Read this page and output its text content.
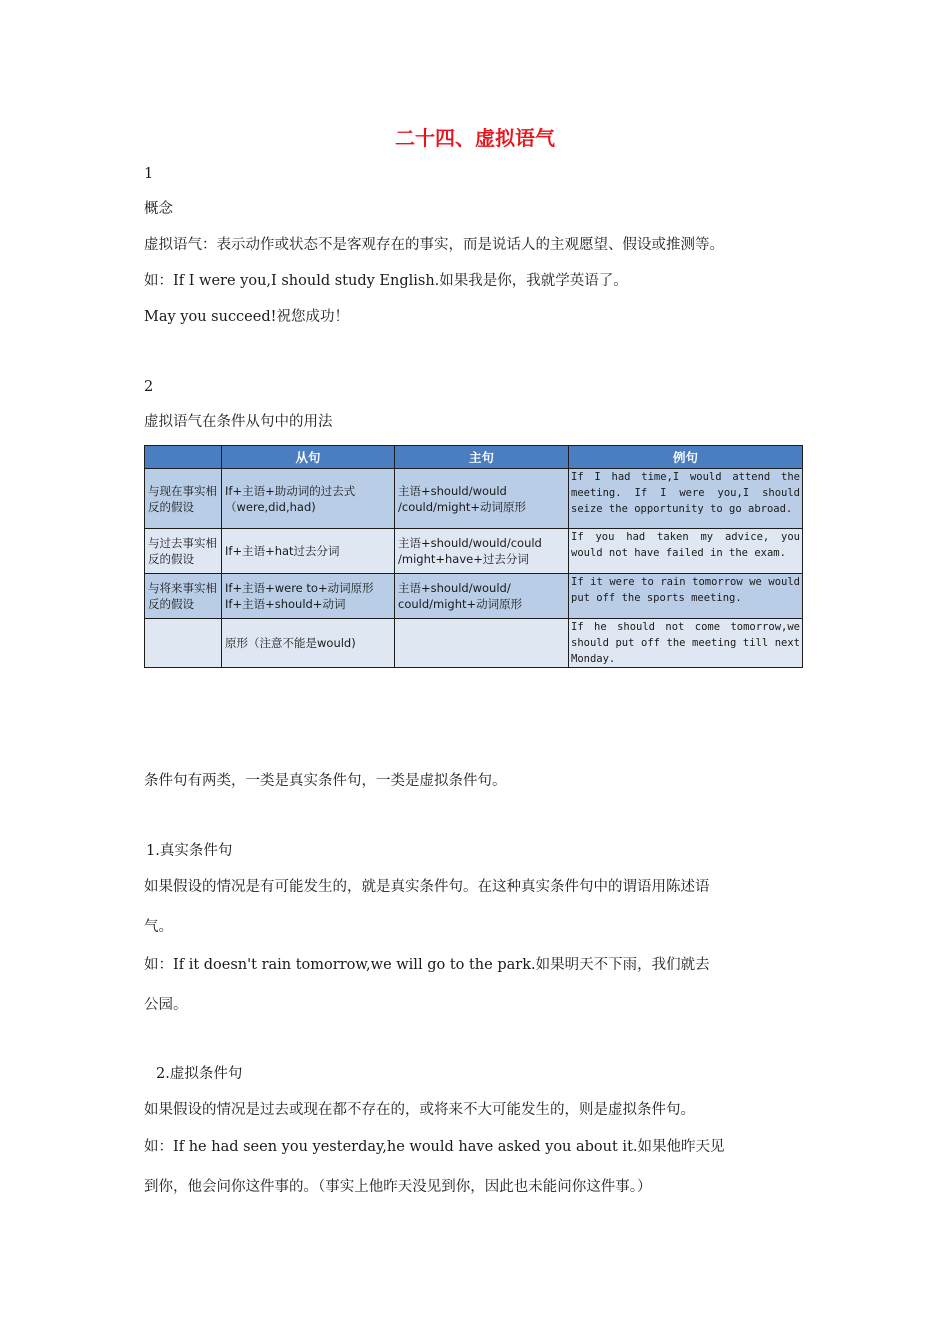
二十四、虚拟语气
1
概念
虚拟语气：表示动作或状态不是客观存在的事实，而是说话人的主观愿望、假设或推测等。
如：If I were you,I should study English.如果我是你，我就学英语了。
May you succeed!祝您成功！
2
虚拟语气在条件从句中的用法
	从句	主句	例句
与现在事实相反的假设	If+主语+助动词的过去式（were,did,had)	主语+should/would /could/might+动词原形	If I had time,I would attend the meeting. If I were you,I should seize the opportunity to go abroad.
与过去事实相反的假设	If+主语+hat过去分词	主语+should/would/could /might+have+过去分词	If you had taken my advice, you would not have failed in the exam.
与将来事实相反的假设	If+主语+were to+动词原形 If+主语+should+动词	主语+should/would/ could/might+动词原形	If it were to rain tomorrow we would put off the sports meeting.
	原形（注意不能是would)		If he should not come tomorrow,we should put off the meeting till next Monday.
条件句有两类，一类是真实条件句，一类是虚拟条件句。
1.真实条件句
如果假设的情况是有可能发生的，就是真实条件句。在这种真实条件句中的谓语用陈述语
气。
如：If it doesn't rain tomorrow,we will go to the park.如果明天不下雨，我们就去
公园。
2.虚拟条件句
如果假设的情况是过去或现在都不存在的，或将来不大可能发生的，则是虚拟条件句。
如：If he had seen you yesterday,he would have asked you about it.如果他昨天见
到你，他会问你这件事的。（事实上他昨天没见到你，因此也未能问你这件事。）
